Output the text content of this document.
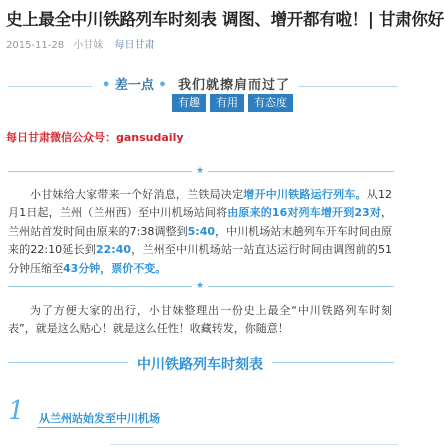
史上最全中川铁路列车时刻表 调图、增开都有啦！| 甘肃你好
2015-11-28 小甘妹 每日甘肃
• 差一点 • 我们就擦肩而过了
有趣	有用	有态度
每日甘肃微信公众号：gansudaily
★
小甘妹给大家带来一个好消息，兰铁局决定增开中川铁路运行列车。从12月1日起，兰州（兰州西）至中川机场站间将由原来的16对列车增开到23对，兰州站首发时间由原来的7:38调整到5:40，中川机场站末趟列车开车时间由原来的22:10延长到22:40，兰州至中川机场站一站直达运行时间由调图前的51分钟压缩至43分钟，票价不变。
★
为了方便大家的出行，小甘妹整理出一份史上最全“中川铁路列车时刻表”，就是这么贴心！就是这么任性！收藏转发，你随意！
中川铁路列车时刻表
1 从兰州站始发至中川机场
